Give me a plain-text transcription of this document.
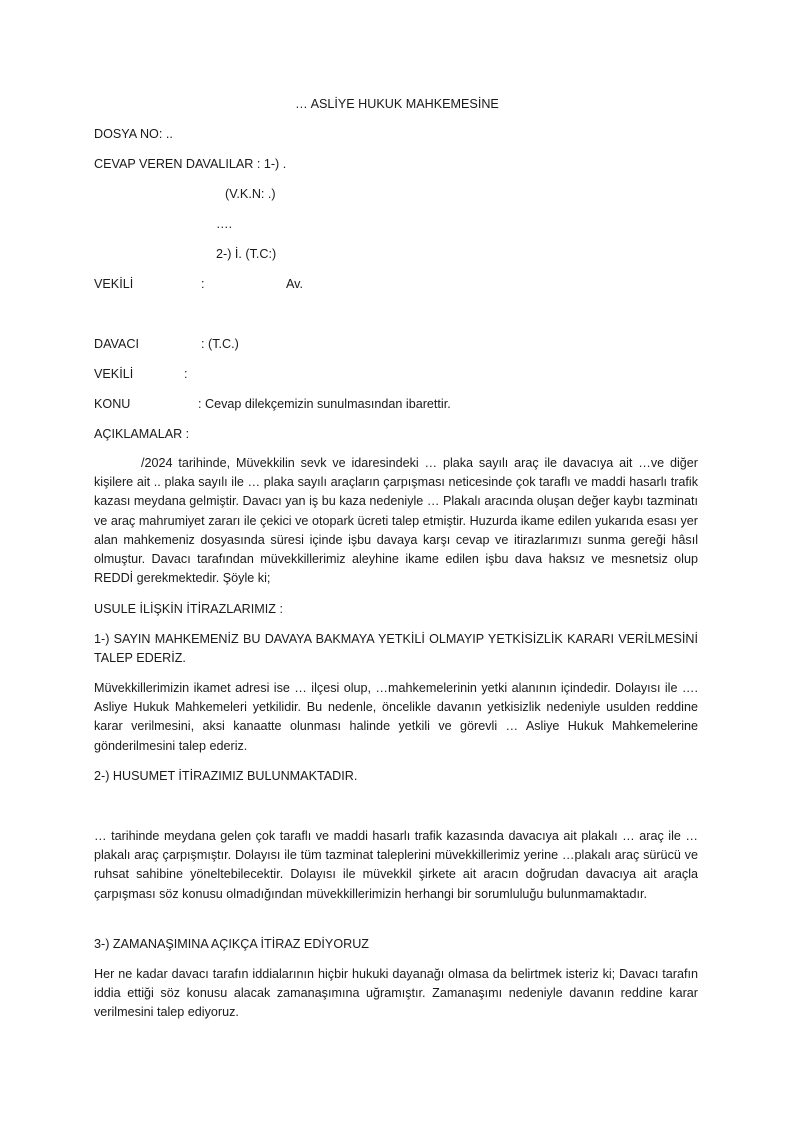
… ASLİYE HUKUK MAHKEMESİNE
DOSYA NO: ..
CEVAP VEREN DAVALILAR : 1-) .
(V.K.N: .)
….
2-) İ. (T.C:)
VEKİLİ	:	Av.
DAVACI	: (T.C.)
VEKİLİ	:
KONU	: Cevap dilekçemizin sunulmasından ibarettir.
AÇIKLAMALAR :

/2024 tarihinde, Müvekkilin sevk ve idaresindeki … plaka sayılı araç ile davacıya ait …ve diğer kişilere ait .. plaka sayılı ile … plaka sayılı araçların çarpışması neticesinde çok taraflı ve maddi hasarlı trafik kazası meydana gelmiştir. Davacı yan iş bu kaza nedeniyle … Plakalı aracında oluşan değer kaybı tazminatı ve araç mahrumiyet zararı ile çekici ve otopark ücreti talep etmiştir. Huzurda ikame edilen yukarıda esası yer alan mahkemeniz dosyasında süresi içinde işbu davaya karşı cevap ve itirazlarımızı sunma gereği hâsıl olmuştur. Davacı tarafından müvekkillerimiz aleyhine ikame edilen işbu dava haksız ve mesnetsiz olup REDDİ gerekmektedir. Şöyle ki;

USULE İLİŞKİN İTİRAZLARIMIZ :

1-) SAYIN MAHKEMENİZ BU DAVAYA BAKMAYA YETKİLİ OLMAYIP YETKİSİZLİK KARARI VERİLMESİNİ TALEP EDERİZ.

Müvekkillerimizin ikamet adresi ise … ilçesi olup, …mahkemelerinin yetki alanının içindedir. Dolayısı ile …. Asliye Hukuk Mahkemeleri yetkilidir. Bu nedenle, öncelikle davanın yetkisizlik nedeniyle usulden reddine karar verilmesini, aksi kanaatte olunması halinde yetkili ve görevli … Asliye Hukuk Mahkemelerine gönderilmesini talep ederiz.

2-) HUSUMET İTİRAZIMIZ BULUNMAKTADIR.

… tarihinde meydana gelen çok taraflı ve maddi hasarlı trafik kazasında davacıya ait plakalı … araç ile … plakalı araç çarpışmıştır. Dolayısı ile tüm tazminat taleplerini müvekkillerimiz yerine …plakalı araç sürücü ve ruhsat sahibine yöneltebilecektir. Dolayısı ile müvekkil şirkete ait aracın doğrudan davacıya ait araçla çarpışması söz konusu olmadığından müvekkillerimizin herhangi bir sorumluluğu bulunmamaktadır.

3-) ZAMANAŞIMINA AÇIKÇA İTİRAZ EDİYORUZ

Her ne kadar davacı tarafın iddialarının hiçbir hukuki dayanağı olmasa da belirtmek isteriz ki; Davacı tarafın iddia ettiği söz konusu alacak zamanaşımına uğramıştır. Zamanaşımı nedeniyle davanın reddine karar verilmesini talep ediyoruz.
